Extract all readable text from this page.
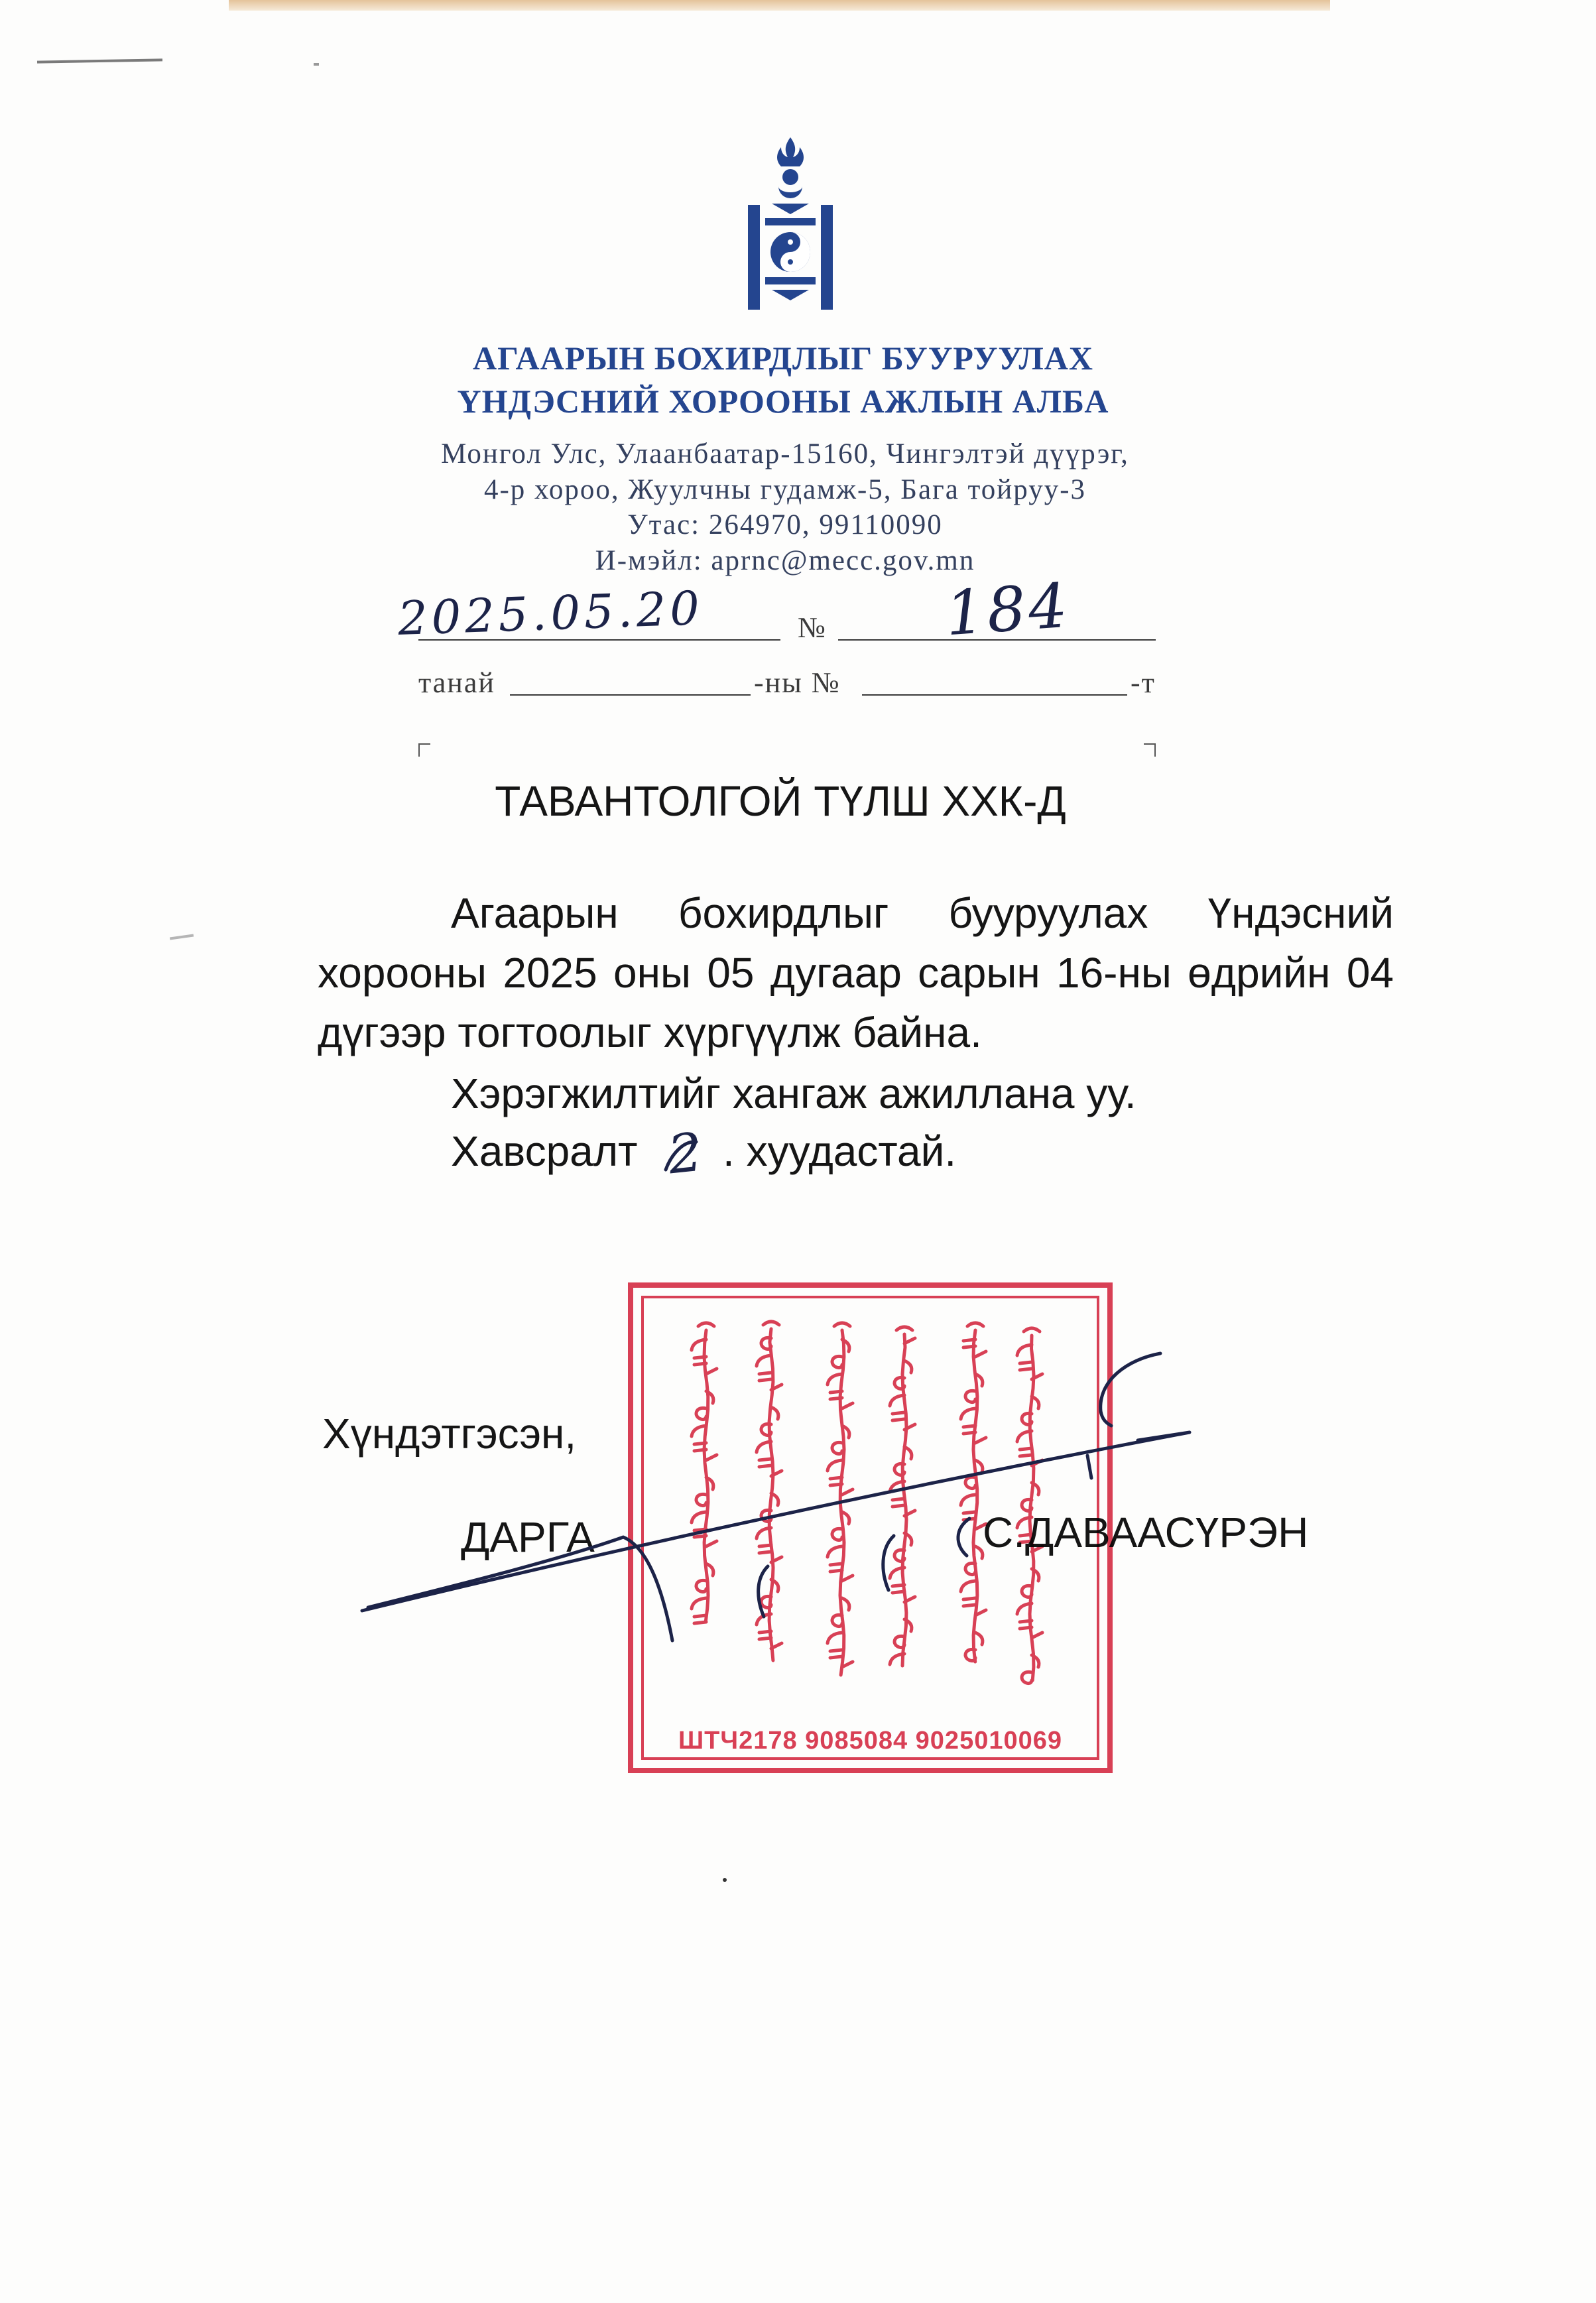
АГААРЫН БОХИРДЛЫГ БУУРУУЛАХ
ҮНДЭСНИЙ ХОРООНЫ АЖЛЫН АЛБА
Монгол Улс, Улаанбаатар-15160, Чингэлтэй дүүрэг,
4-р хороо, Жуулчны гудамж-5, Бага тойруу-3
Утас: 264970, 99110090
И-мэйл: aprnc@mecc.gov.mn
2025.05.20	№ 184
танай	-ны №	-т
ТАВАНТОЛГОЙ ТҮЛШ ХХК-Д
Агаарын бохирдлыг бууруулах Үндэсний
хорооны 2025 оны 05 дугаар сарын 16-ны өдрийн 04
дүгээр тогтоолыг хүргүүлж байна.
Хэрэгжилтийг хангаж ажиллана уу.
Хавсралт 2 . хуудастай.
Хүндэтгэсэн,
ДАРГА	С.ДАВААСҮРЭН
ШТЧ2178 9085084 9025010069
